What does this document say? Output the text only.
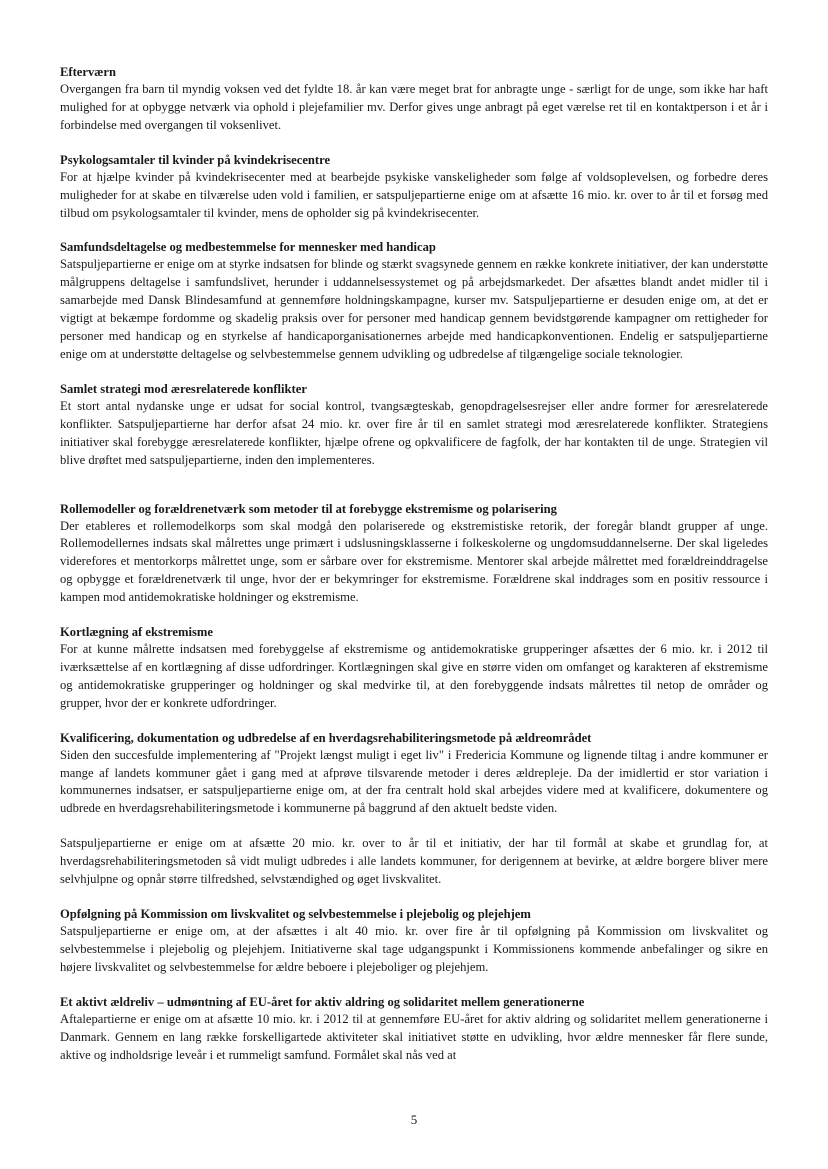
Efterværn

Overgangen fra barn til myndig voksen ved det fyldte 18. år kan være meget brat for anbragte unge - særligt for de unge, som ikke har haft mulighed for at opbygge netværk via ophold i plejefamilier mv. Derfor gives unge anbragt på eget værelse ret til en kontaktperson i et år i forbindelse med overgangen til voksenlivet.

Psykologsamtaler til kvinder på kvindekrisecentre

For at hjælpe kvinder på kvindekrisecenter med at bearbejde psykiske vanskeligheder som følge af voldsoplevelsen, og forbedre deres muligheder for at skabe en tilværelse uden vold i familien, er satspuljepartierne enige om at afsætte 16 mio. kr. over to år til et forsøg med tilbud om psykologsamtaler til kvinder, mens de opholder sig på kvindekrisecenter.

Samfundsdeltagelse og medbestemmelse for mennesker med handicap

Satspuljepartierne er enige om at styrke indsatsen for blinde og stærkt svagsynede gennem en række konkrete initiativer, der kan understøtte målgruppens deltagelse i samfundslivet, herunder i uddannelsessystemet og på arbejdsmarkedet. Der afsættes blandt andet midler til i samarbejde med Dansk Blindesamfund at gennemføre holdningskampagne, kurser mv. Satspuljepartierne er desuden enige om, at det er vigtigt at bekæmpe fordomme og skadelig praksis over for personer med handicap gennem bevidstgørende kampagner om rettigheder for personer med handicap og en styrkelse af handicaporganisationernes arbejde med handicapkonventionen. Endelig er satspuljepartierne enige om at understøtte deltagelse og selvbestemmelse gennem udvikling og udbredelse af tilgængelige sociale teknologier.

Samlet strategi mod æresrelaterede konflikter

Et stort antal nydanske unge er udsat for social kontrol, tvangsægteskab, genopdragelsesrejser eller andre former for æresrelaterede konflikter. Satspuljepartierne har derfor afsat 24 mio. kr. over fire år til en samlet strategi mod æresrelaterede konflikter. Strategiens initiativer skal forebygge æresrelaterede konflikter, hjælpe ofrene og opkvalificere de fagfolk, der har kontakten til de unge. Strategien vil blive drøftet med satspuljepartierne, inden den implementeres.

Rollemodeller og forældrenetværk som metoder til at forebygge ekstremisme og polarisering

Der etableres et rollemodelkorps som skal modgå den polariserede og ekstremistiske retorik, der foregår blandt grupper af unge. Rollemodellernes indsats skal målrettes unge primært i udslusningsklasserne i folkeskolerne og ungdomsuddannelserne. Der skal ligeledes viderefores et mentorkorps målrettet unge, som er sårbare over for ekstremisme. Mentorer skal arbejde målrettet med forældreinddragelse og opbygge et forældrenetværk til unge, hvor der er bekymringer for ekstremisme. Forældrene skal inddrages som en positiv ressource i kampen mod antidemokratiske holdninger og ekstremisme.

Kortlægning af ekstremisme

For at kunne målrette indsatsen med forebyggelse af ekstremisme og antidemokratiske grupperinger afsættes der 6 mio. kr. i 2012 til iværksættelse af en kortlægning af disse udfordringer. Kortlægningen skal give en større viden om omfanget og karakteren af ekstremisme og antidemokratiske grupperinger og holdninger og skal medvirke til, at den forebyggende indsats målrettes til netop de områder og grupper, hvor der er konkrete udfordringer.

Kvalificering, dokumentation og udbredelse af en hverdagsrehabiliteringsmetode på ældreområdet

Siden den succesfulde implementering af "Projekt længst muligt i eget liv" i Fredericia Kommune og lignende tiltag i andre kommuner er mange af landets kommuner gået i gang med at afprøve tilsvarende metoder i deres ældrepleje. Da der imidlertid er stor variation i kommunernes indsatser, er satspuljepartierne enige om, at der fra centralt hold skal arbejdes videre med at kvalificere, dokumentere og udbrede en hverdagsrehabiliteringsmetode i kommunerne på baggrund af den aktuelt bedste viden.

Satspuljepartierne er enige om at afsætte 20 mio. kr. over to år til et initiativ, der har til formål at skabe et grundlag for, at hverdagsrehabiliteringsmetoden så vidt muligt udbredes i alle landets kommuner, for derigennem at bevirke, at ældre borgere bliver mere selvhjulpne og opnår større tilfredshed, selvstændighed og øget livskvalitet.

Opfølgning på Kommission om livskvalitet og selvbestemmelse i plejebolig og plejehjem

Satspuljepartierne er enige om, at der afsættes i alt 40 mio. kr. over fire år til opfølgning på Kommission om livskvalitet og selvbestemmelse i plejebolig og plejehjem. Initiativerne skal tage udgangspunkt i Kommissionens kommende anbefalinger og sikre en højere livskvalitet og selvbestemmelse for ældre beboere i plejeboliger og plejehjem.

Et aktivt ældreliv – udmøntning af EU-året for aktiv aldring og solidaritet mellem generationerne

Aftalepartierne er enige om at afsætte 10 mio. kr. i 2012 til at gennemføre EU-året for aktiv aldring og solidaritet mellem generationerne i Danmark. Gennem en lang række forskelligartede aktiviteter skal initiativet støtte en udvikling, hvor ældre mennesker får flere sunde, aktive og indholdsrige leveår i et rummeligt samfund. Formålet skal nås ved at

5
